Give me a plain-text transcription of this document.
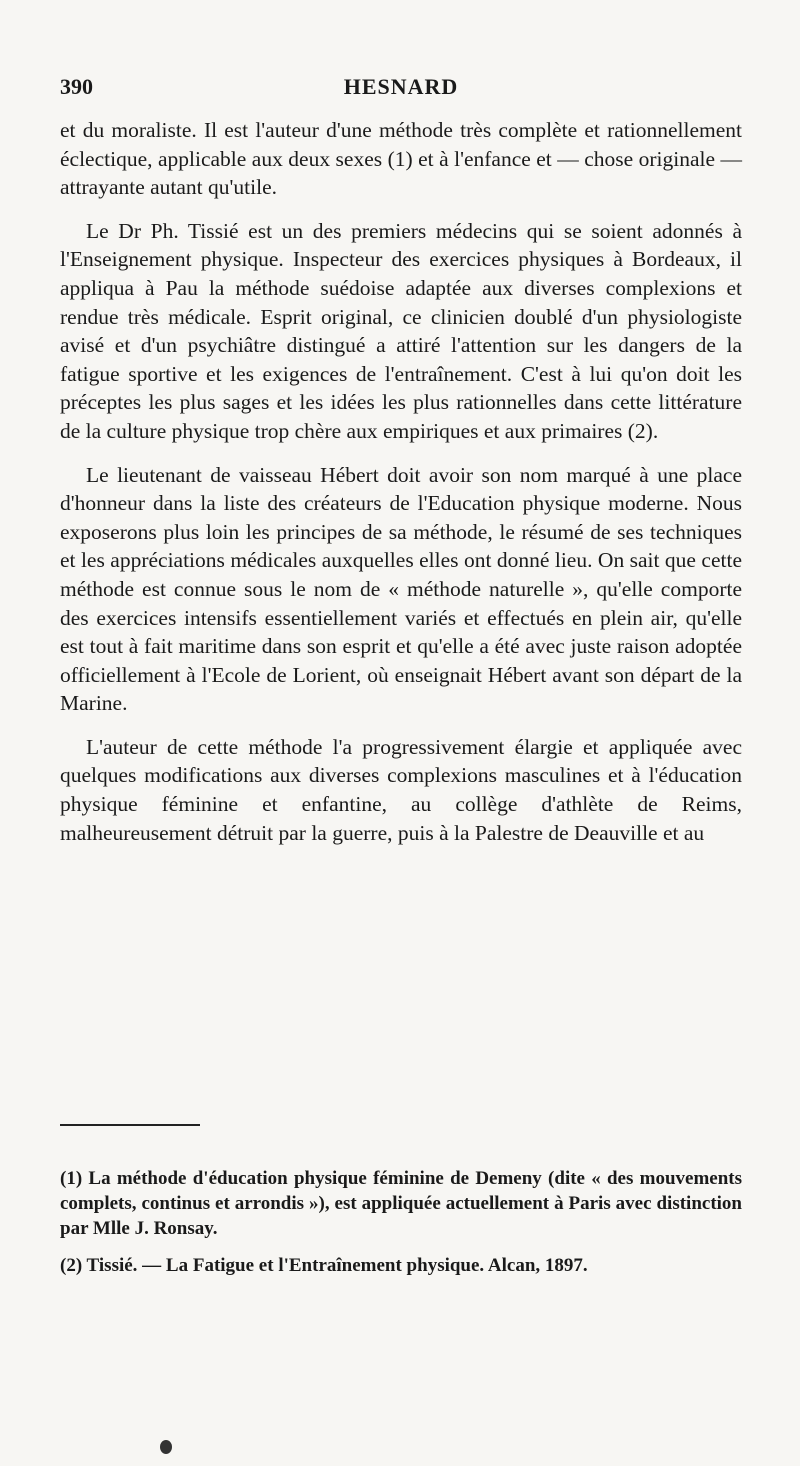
390	HESNARD

et du moraliste. Il est l'auteur d'une méthode très complète et rationnellement éclectique, applicable aux deux sexes (1) et à l'enfance et — chose originale — attrayante autant qu'utile.

Le Dr Ph. Tissié est un des premiers médecins qui se soient adonnés à l'Enseignement physique. Inspecteur des exercices physiques à Bordeaux, il appliqua à Pau la méthode suédoise adaptée aux diverses complexions et rendue très médicale. Esprit original, ce clinicien doublé d'un physiologiste avisé et d'un psychiâtre distingué a attiré l'attention sur les dangers de la fatigue sportive et les exigences de l'entraînement. C'est à lui qu'on doit les préceptes les plus sages et les idées les plus rationnelles dans cette littérature de la culture physique trop chère aux empiriques et aux primaires (2).

Le lieutenant de vaisseau Hébert doit avoir son nom marqué à une place d'honneur dans la liste des créateurs de l'Education physique moderne. Nous exposerons plus loin les principes de sa méthode, le résumé de ses techniques et les appréciations médicales auxquelles elles ont donné lieu. On sait que cette méthode est connue sous le nom de « méthode naturelle », qu'elle comporte des exercices intensifs essentiellement variés et effectués en plein air, qu'elle est tout à fait maritime dans son esprit et qu'elle a été avec juste raison adoptée officiellement à l'Ecole de Lorient, où enseignait Hébert avant son départ de la Marine.

L'auteur de cette méthode l'a progressivement élargie et appliquée avec quelques modifications aux diverses complexions masculines et à l'éducation physique féminine et enfantine, au collège d'athlète de Reims, malheureusement détruit par la guerre, puis à la Palestre de Deauville et au

(1) La méthode d'éducation physique féminine de Demeny (dite « des mouvements complets, continus et arrondis »), est appliquée actuellement à Paris avec distinction par Mlle J. Ronsay.

(2) Tissié. — La Fatigue et l'Entraînement physique. Alcan, 1897.
